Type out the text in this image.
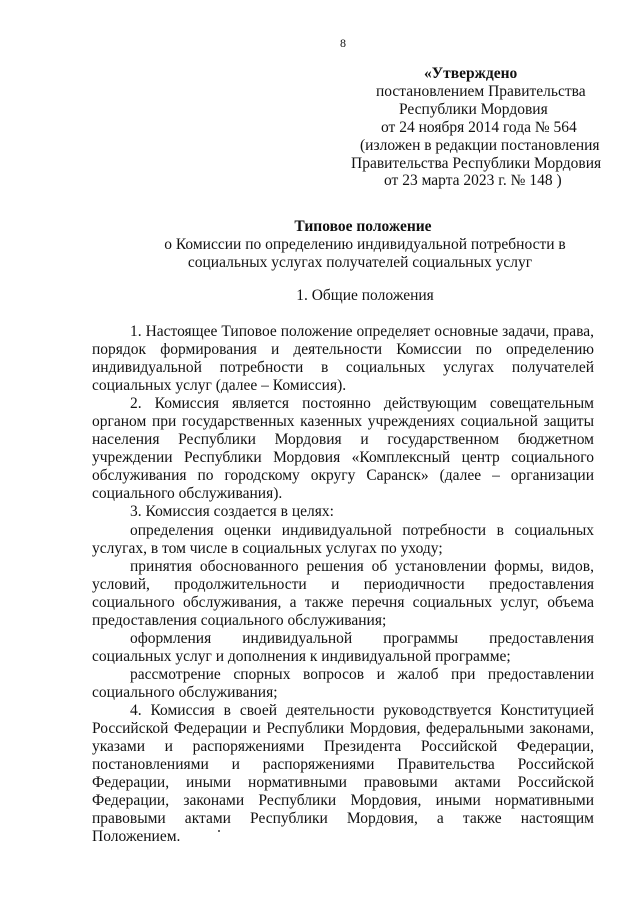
8
«Утверждено
постановлением Правительства
Республики Мордовия
от 24 ноября 2014 года № 564
(изложен в редакции постановления
Правительства Республики Мордовия
от 23 марта 2023 г. № 148 )
Типовое положение
о Комиссии по определению индивидуальной потребности в
социальных услугах получателей социальных услуг
1. Общие положения

1. Настоящее Типовое положение определяет основные задачи, права, порядок формирования и деятельности Комиссии по определению индивидуальной потребности в социальных услугах получателей социальных услуг (далее – Комиссия).

2. Комиссия является постоянно действующим совещательным органом при государственных казенных учреждениях социальной защиты населения Республики Мордовия и государственном бюджетном учреждении Республики Мордовия «Комплексный центр социального обслуживания по городскому округу Саранск» (далее – организации социального обслуживания).

3. Комиссия создается в целях:

определения оценки индивидуальной потребности в социальных услугах, в том числе в социальных услугах по уходу;

принятия обоснованного решения об установлении формы, видов, условий, продолжительности и периодичности предоставления социального обслуживания, а также перечня социальных услуг, объема предоставления социального обслуживания;

оформления индивидуальной программы предоставления социальных услуг и дополнения к индивидуальной программе;

рассмотрение спорных вопросов и жалоб при предоставлении социального обслуживания;

4. Комиссия в своей деятельности руководствуется Конституцией Российской Федерации и Республики Мордовия, федеральными законами, указами и распоряжениями Президента Российской Федерации, постановлениями и распоряжениями Правительства Российской Федерации, иными нормативными правовыми актами Российской Федерации, законами Республики Мордовия, иными нормативными правовыми актами Республики Мордовия, а также настоящим Положением.
